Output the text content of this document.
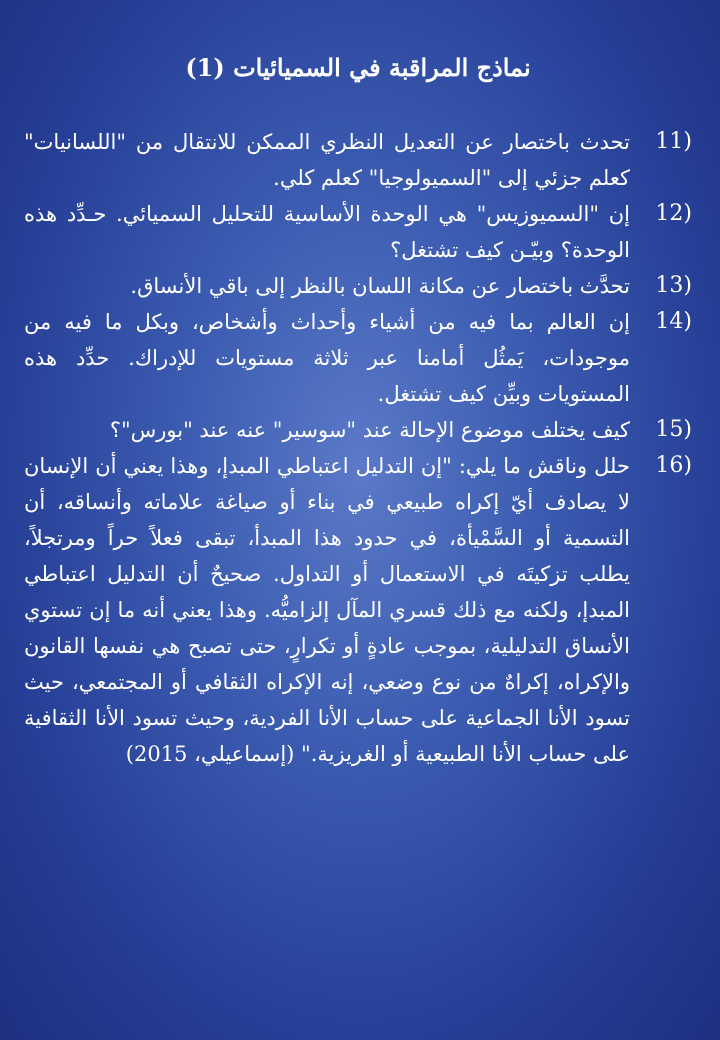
نماذج المراقبة في السميائيات (1)
11)
تحدث باختصار عن التعديل النظري الممكن للانتقال من "اللسانيات" كعلم جزئي إلى "السميولوجيا" كعلم كلي.
12)
إن "السميوزيس" هي الوحدة الأساسية للتحليل السميائي. حـدِّد هذه الوحدة؟ وبيّـن كيف تشتغل؟
13)
تحدَّث باختصار عن مكانة اللسان بالنظر إلى باقي الأنساق.
14)
إن العالم بما فيه من أشياء وأحداث وأشخاص، وبكل ما فيه من موجودات، يَمثُل أمامنا عبر ثلاثة مستويات للإدراك. حدِّد هذه المستويات وبيِّن كيف تشتغل.
15)
كيف يختلف موضوع الإحالة عند "سوسير" عنه عند "بورس"؟
16)
حلل وناقش ما يلي: "إن التدليل اعتباطي المبدإ، وهذا يعني أن الإنسان لا يصادف أيّ إكراه طبيعي في بناء أو صياغة علاماته وأنساقه، أن التسمية أو السَّمْيأة، في حدود هذا المبدأ، تبقى فعلاً حراً ومرتجلاً، يطلب تزكيتَه في الاستعمال أو التداول. صحيحٌ أن التدليل اعتباطي المبدإ، ولكنه مع ذلك قسري المآل إلزاميُّه. وهذا يعني أنه ما إن تستوي الأنساق التدليلية، بموجب عادةٍ أو تكرارٍ، حتى تصبح هي نفسها القانون والإكراه، إكراهٌ من نوع وضعي، إنه الإكراه الثقافي أو المجتمعي، حيث تسود الأنا الجماعية على حساب الأنا الفردية، وحيث تسود الأنا الثقافية على حساب الأنا الطبيعية أو الغريزية." (إسماعيلي، 2015)
